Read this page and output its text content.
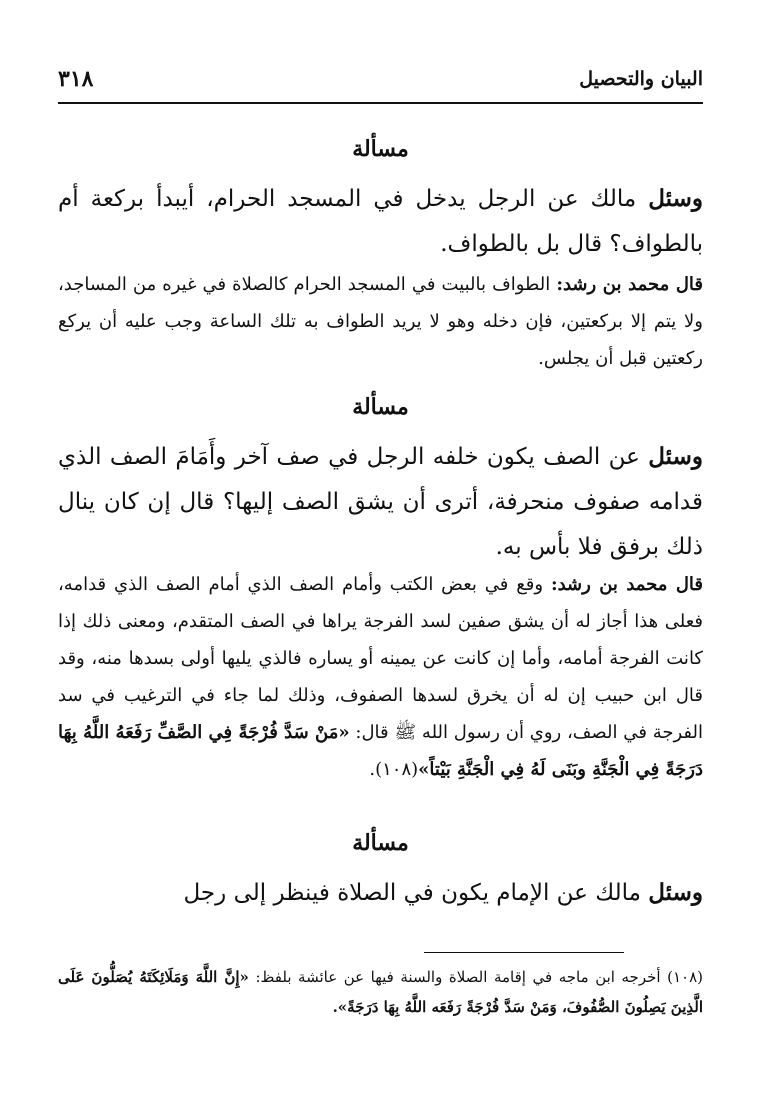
٣١٨	البيان والتحصيل
مسألة
وسئل مالك عن الرجل يدخل في المسجد الحرام، أيبدأ بركعة أم بالطواف؟ قال بل بالطواف.
قال محمد بن رشد: الطواف بالبيت في المسجد الحرام كالصلاة في غيره من المساجد، ولا يتم إلا بركعتين، فإن دخله وهو لا يريد الطواف به تلك الساعة وجب عليه أن يركع ركعتين قبل أن يجلس.
مسألة
وسئل عن الصف يكون خلفه الرجل في صف آخر وأَمَامَ الصف الذي قدامه صفوف منحرفة، أترى أن يشق الصف إليها؟ قال إن كان ينال ذلك برفق فلا بأس به.
قال محمد بن رشد: وقع في بعض الكتب وأمام الصف الذي أمام الصف الذي قدامه، فعلى هذا أجاز له أن يشق صفين لسد الفرجة يراها في الصف المتقدم، ومعنى ذلك إذا كانت الفرجة أمامه، وأما إن كانت عن يمينه أو يساره فالذي يليها أولى بسدها منه، وقد قال ابن حبيب إن له أن يخرق لسدها الصفوف، وذلك لما جاء في الترغيب في سد الفرجة في الصف، روي أن رسول الله ﷺ قال: «مَنْ سَدَّ فُرْجَةً فِي الصَّفِّ رَفَعَهُ اللَّهُ بِهَا دَرَجَةً فِي الْجَنَّةِ وبَنَى لَهُ فِي الْجَنَّةِ بَيْتاً»(١٠٨).
مسألة
وسئل مالك عن الإمام يكون في الصلاة فينظر إلى رجل
(١٠٨) أخرجه ابن ماجه في إقامة الصلاة والسنة فيها عن عائشة بلفظ: «إِنَّ اللَّهَ وَمَلَائِكَتَهُ يُصَلُّونَ عَلَى الَّذِينَ يَصِلُونَ الصُّفُوفَ، وَمَنْ سَدَّ فُرْجَةً رَفَعَه اللَّهُ بِهَا دَرَجَةً».
